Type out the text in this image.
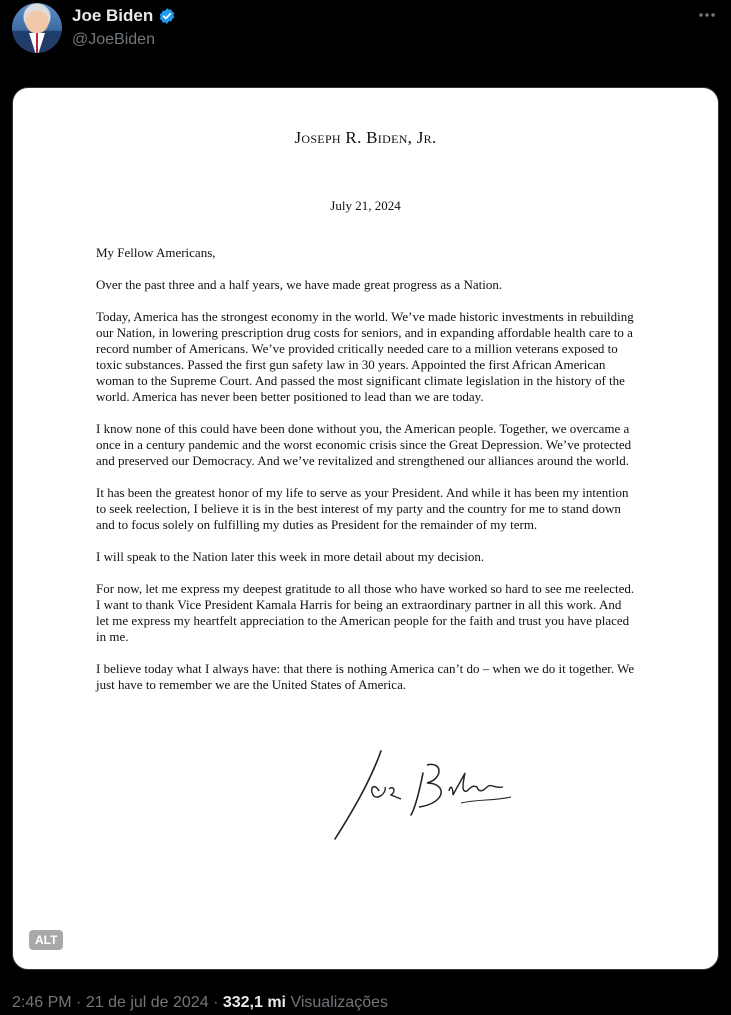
Joe Biden
@JoeBiden
Joseph R. Biden, Jr.
July 21, 2024

My Fellow Americans,

Over the past three and a half years, we have made great progress as a Nation.

Today, America has the strongest economy in the world. We’ve made historic investments in rebuilding our Nation, in lowering prescription drug costs for seniors, and in expanding affordable health care to a record number of Americans. We’ve provided critically needed care to a million veterans exposed to toxic substances. Passed the first gun safety law in 30 years. Appointed the first African American woman to the Supreme Court. And passed the most significant climate legislation in the history of the world. America has never been better positioned to lead than we are today.

I know none of this could have been done without you, the American people. Together, we overcame a once in a century pandemic and the worst economic crisis since the Great Depression. We’ve protected and preserved our Democracy. And we’ve revitalized and strengthened our alliances around the world.

It has been the greatest honor of my life to serve as your President. And while it has been my intention to seek reelection, I believe it is in the best interest of my party and the country for me to stand down and to focus solely on fulfilling my duties as President for the remainder of my term.

I will speak to the Nation later this week in more detail about my decision.

For now, let me express my deepest gratitude to all those who have worked so hard to see me reelected. I want to thank Vice President Kamala Harris for being an extraordinary partner in all this work. And let me express my heartfelt appreciation to the American people for the faith and trust you have placed in me.

I believe today what I always have: that there is nothing America can’t do – when we do it together. We just have to remember we are the United States of America.

ALT
2:46 PM · 21 de jul de 2024 · 332,1 mi Visualizações
